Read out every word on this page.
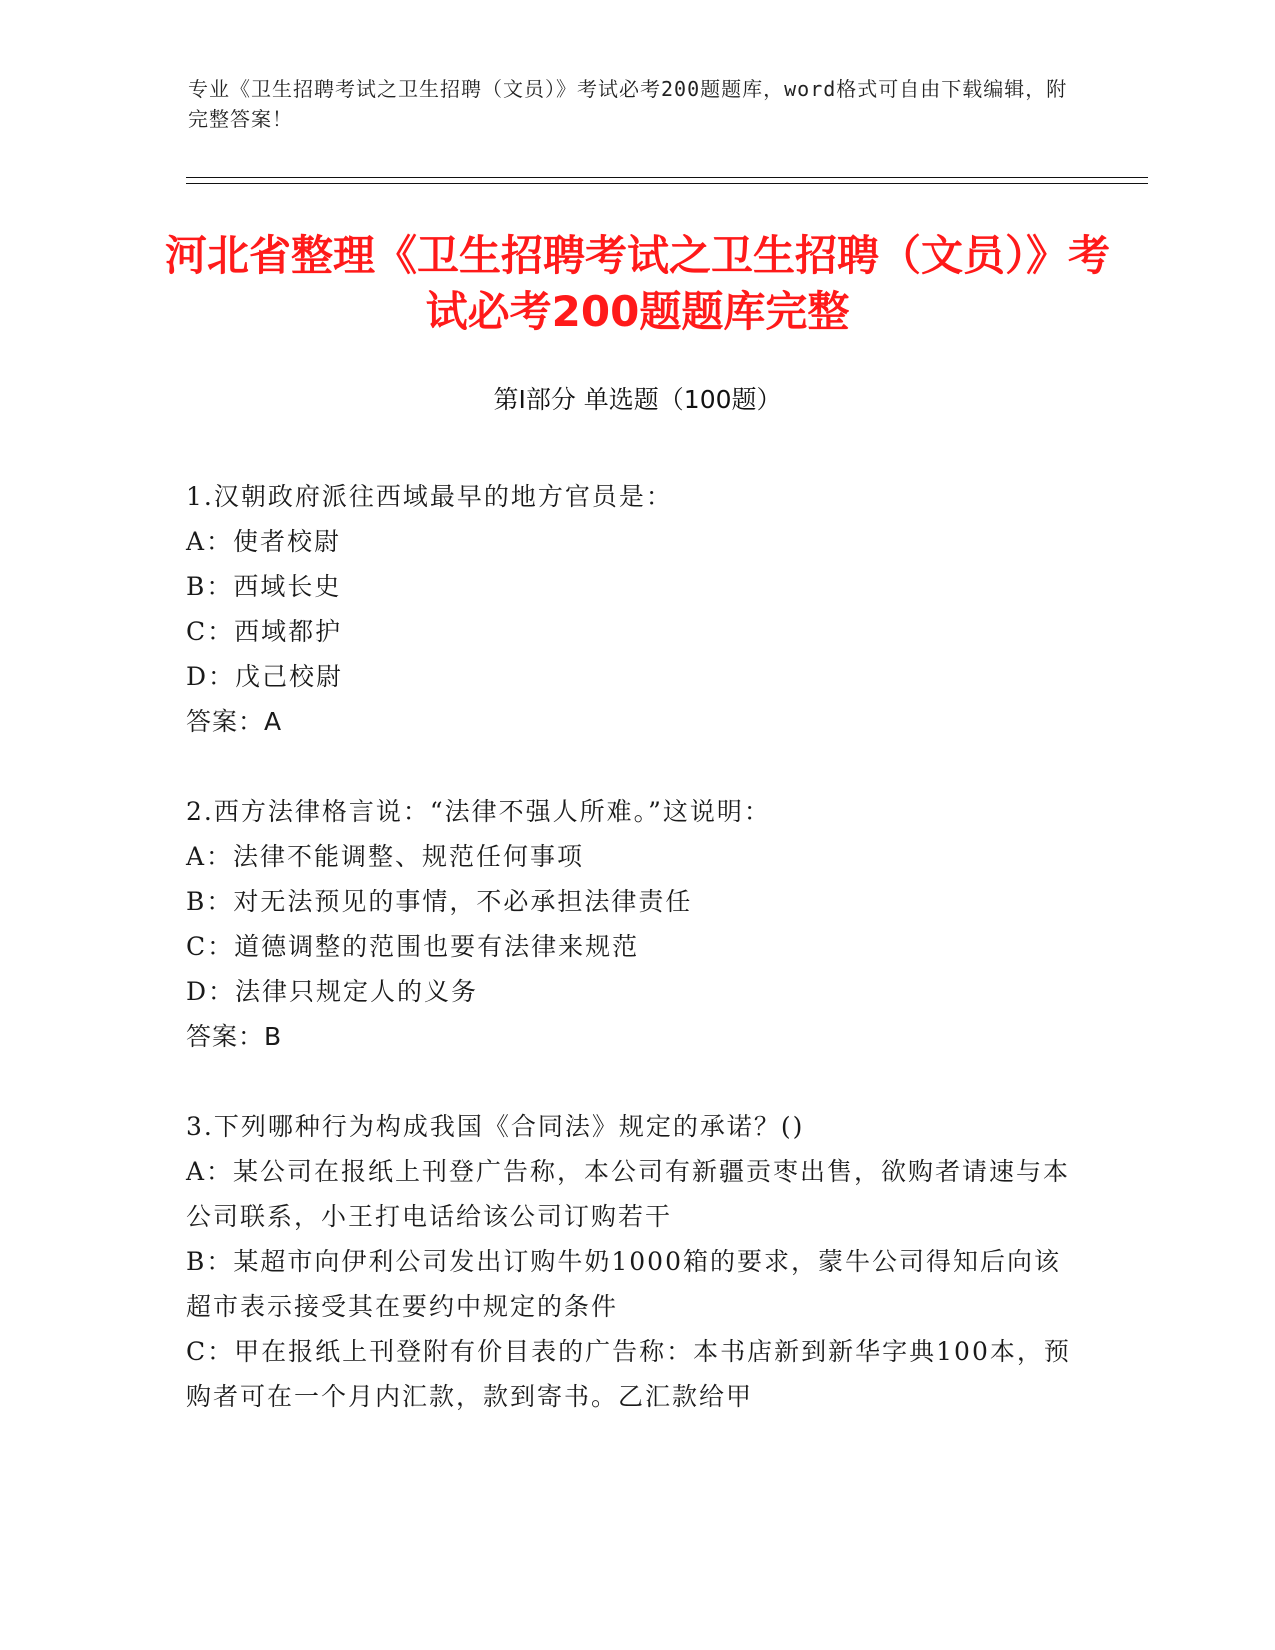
专业《卫生招聘考试之卫生招聘（文员）》考试必考200题题库，word格式可自由下载编辑，附完整答案！
河北省整理《卫生招聘考试之卫生招聘（文员）》考试必考200题题库完整
第I部分 单选题（100题）

1.汉朝政府派往西域最早的地方官员是：

A：使者校尉

B：西域长史

C：西域都护

D：戊己校尉

答案：A

2.西方法律格言说：“法律不强人所难。”这说明：

A：法律不能调整、规范任何事项

B：对无法预见的事情，不必承担法律责任

C：道德调整的范围也要有法律来规范

D：法律只规定人的义务

答案：B

3.下列哪种行为构成我国《合同法》规定的承诺？()

A：某公司在报纸上刊登广告称，本公司有新疆贡枣出售，欲购者请速与本公司联系，小王打电话给该公司订购若干

B：某超市向伊利公司发出订购牛奶1000箱的要求，蒙牛公司得知后向该超市表示接受其在要约中规定的条件

C：甲在报纸上刊登附有价目表的广告称：本书店新到新华字典100本，预购者可在一个月内汇款，款到寄书。乙汇款给甲
